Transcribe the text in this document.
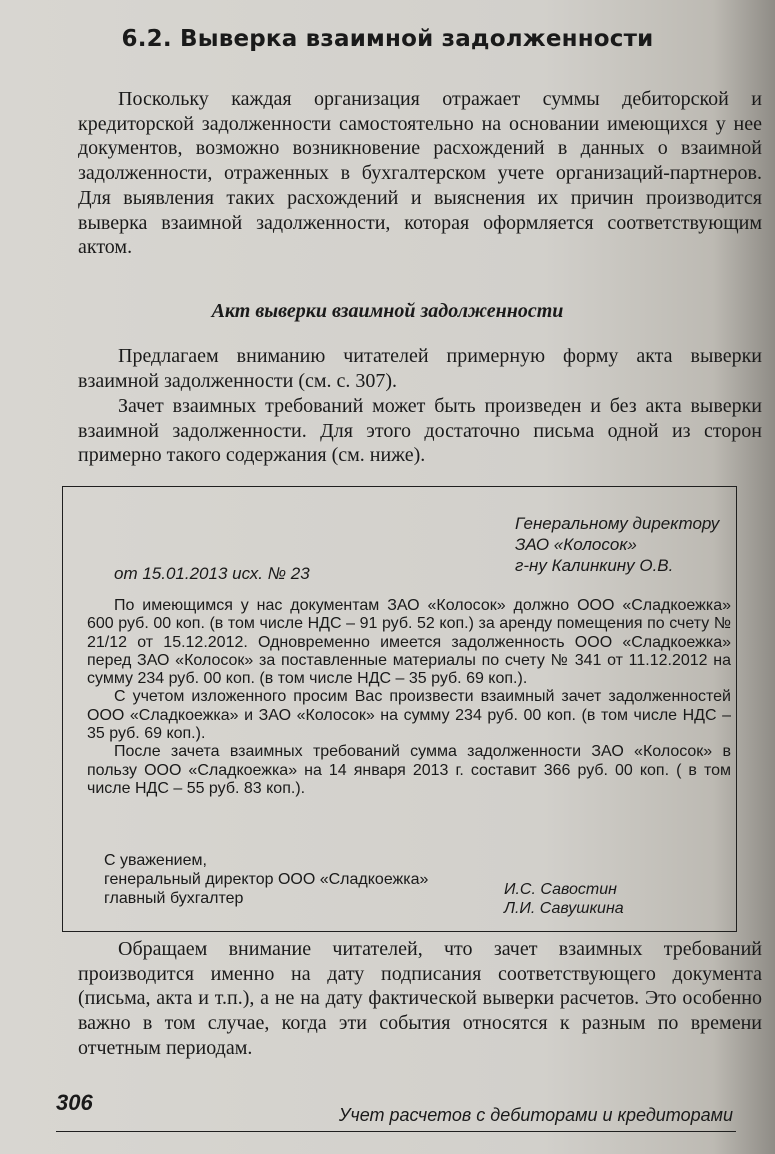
6.2. Выверка взаимной задолженности
Поскольку каждая организация отражает суммы дебиторской и кредиторской задолженности самостоятельно на основании имеющихся у нее документов, возможно возникновение расхождений в данных о взаимной задолженности, отраженных в бухгалтерском учете организаций-партнеров. Для выявления таких расхождений и выяснения их причин производится выверка взаимной задолженности, которая оформляется соответствующим актом.
Акт выверки взаимной задолженности
Предлагаем вниманию читателей примерную форму акта выверки взаимной задолженности (см. с. 307).
Зачет взаимных требований может быть произведен и без акта выверки взаимной задолженности. Для этого достаточно письма одной из сторон примерно такого содержания (см. ниже).
Генеральному директору
ЗАО «Колосок»
г-ну Калинкину О.В.
от 15.01.2013 исх. № 23

По имеющимся у нас документам ЗАО «Колосок» должно ООО «Сладкоежка» 600 руб. 00 коп. (в том числе НДС – 91 руб. 52 коп.) за аренду помещения по счету № 21/12 от 15.12.2012. Одновременно имеется задолженность ООО «Сладкоежка» перед ЗАО «Колосок» за поставленные материалы по счету № 341 от 11.12.2012 на сумму 234 руб. 00 коп. (в том числе НДС – 35 руб. 69 коп.).

С учетом изложенного просим Вас произвести взаимный зачет задолженностей ООО «Сладкоежка» и ЗАО «Колосок» на сумму 234 руб. 00 коп. (в том числе НДС – 35 руб. 69 коп.).

После зачета взаимных требований сумма задолженности ЗАО «Колосок» в пользу ООО «Сладкоежка» на 14 января 2013 г. составит 366 руб. 00 коп. ( в том числе НДС – 55 руб. 83 коп.).

С уважением,
генеральный директор ООО «Сладкоежка»
главный бухгалтер
И.С. Савостин
Л.И. Савушкина
Обращаем внимание читателей, что зачет взаимных требований производится именно на дату подписания соответствующего документа (письма, акта и т.п.), а не на дату фактической выверки расчетов. Это особенно важно в том случае, когда эти события относятся к разным по времени отчетным периодам.
306	Учет расчетов с дебиторами и кредиторами
